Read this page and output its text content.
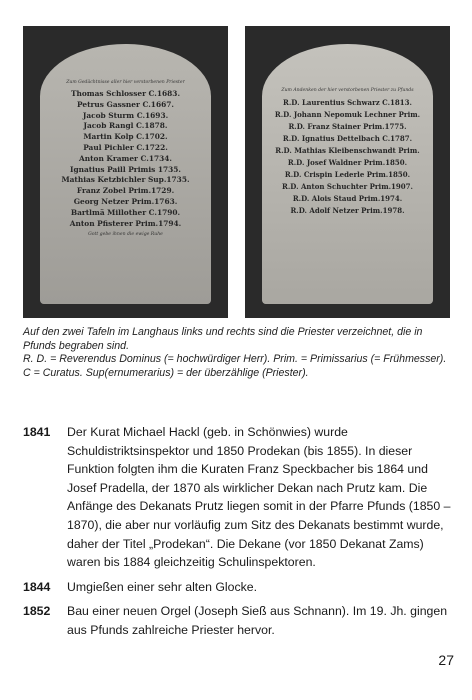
Zum Gedächtnisse aller hier verstorbenen Priester
Thomas Schlosser C.1683.
Petrus Gassner C.1667.
Jacob Sturm C.1693.
Jacob Rangl C.1878.
Martin Kolp C.1702.
Paul Pichler C.1722.
Anton Kramer C.1734.
Ignatius Paill Primis 1735.
Mathias Ketzbichler Sup.1735.
Franz Zobel Prim.1729.
Georg Netzer Prim.1763.
Bartlmä Millother C.1790.
Anton Pfisterer Prim.1794.
Gott gebe ihnen die ewige Ruhe
Zum Andenken der hier verstorbenen Priester zu Pfunds
R.D. Laurentius Schwarz C.1813.
R.D. Johann Nepomuk Lechner Prim.
R.D. Franz Stainer Prim.1775.
R.D. Ignatius Dettelbach C.1787.
R.D. Mathias Kleibenschwandt Prim.
R.D. Josef Waldner Prim.1850.
R.D. Crispin Lederle Prim.1850.
R.D. Anton Schuchter Prim.1907.
R.D. Alois Staud Prim.1974.
R.D. Adolf Netzer Prim.1978.

Auf den zwei Tafeln im Langhaus links und rechts sind die Priester verzeichnet, die in Pfunds begraben sind.

R. D. = Reverendus Dominus (= hochwürdiger Herr). Prim. = Primissarius (= Frühmesser). C = Curatus. Sup(ernumerarius) = der überzählige (Priester).

1841	Der Kurat Michael Hackl (geb. in Schönwies) wurde Schuldistriktsinspektor und 1850 Prodekan (bis 1855). In dieser Funktion folgten ihm die Kuraten Franz Speckbacher bis 1864 und Josef Pradella, der 1870 als wirklicher Dekan nach Prutz kam. Die Anfänge des Dekanats Prutz liegen somit in der Pfarre Pfunds (1850 – 1870), die aber nur vorläufig zum Sitz des Dekanats bestimmt wurde, daher der Titel „Prodekan“. Die Dekane (vor 1850 Dekanat Zams) waren bis 1884 gleichzeitig Schulinspektoren.
1844	Umgießen einer sehr alten Glocke.
1852	Bau einer neuen Orgel (Joseph Sieß aus Schnann). Im 19. Jh. gingen aus Pfunds zahlreiche Priester hervor.
27
